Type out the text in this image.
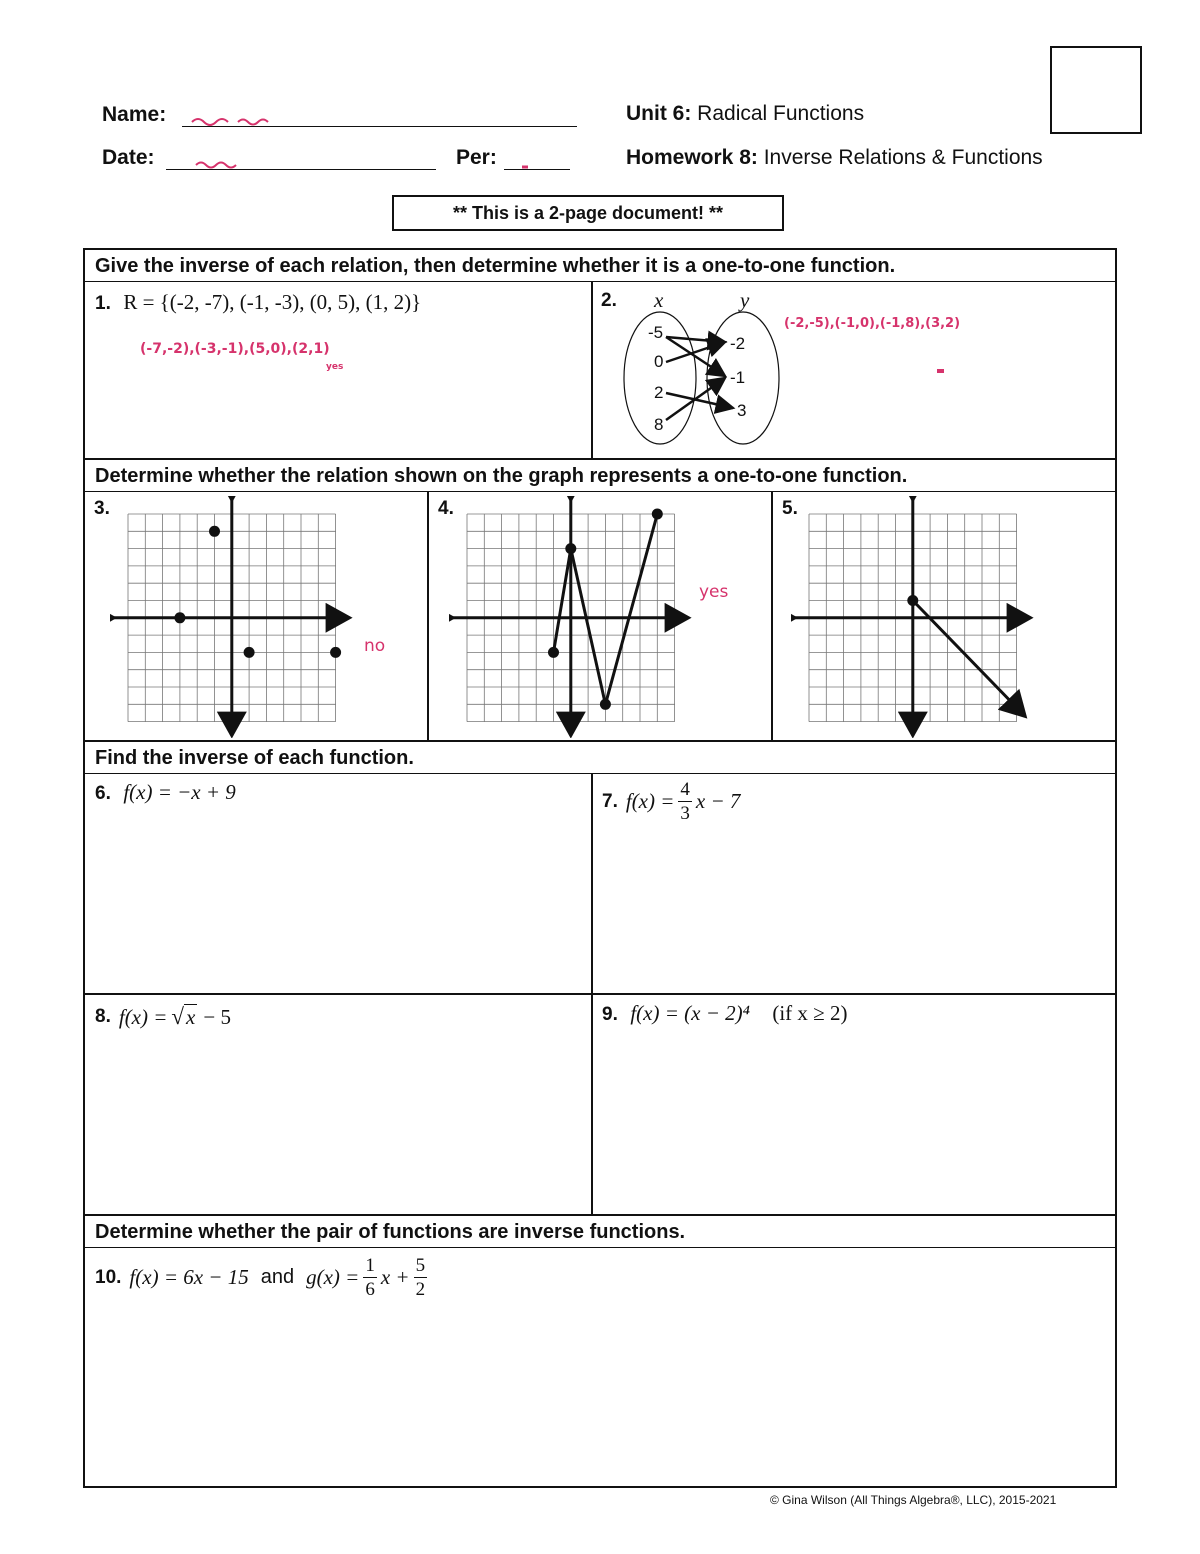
Name:
Date:	Per:
Unit 6: Radical Functions
Homework 8: Inverse Relations & Functions
** This is a 2-page document! **
Give the inverse of each relation, then determine whether it is a one-to-one function.
Determine whether the relation shown on the graph represents a one-to-one function.
Find the inverse of each function.
Determine whether the pair of functions are inverse functions.
1. R = {(-2, -7), (-1, -3), (0, 5), (1, 2)}
(-7,-2),(-3,-1),(5,0),(2,1)
yes
2. x	y
-5
0
2
8
-2
-1
3
(-2,-5),(-1,0),(-1,8),(3,2)
3.	4.	5.
no
yes
6. f(x) = −x + 9	7. $f(x) = \frac{4}{3}$ x − 7
8. f(x) = √ x − 5	9. f(x) = (x − 2)⁴ (if x ≥ 2)
10. f(x) = 6x − 15 and $g(x) = \frac{1}{6}$ $x + \frac{5}{2}$
© Gina Wilson (All Things Algebra®, LLC), 2015-2021
